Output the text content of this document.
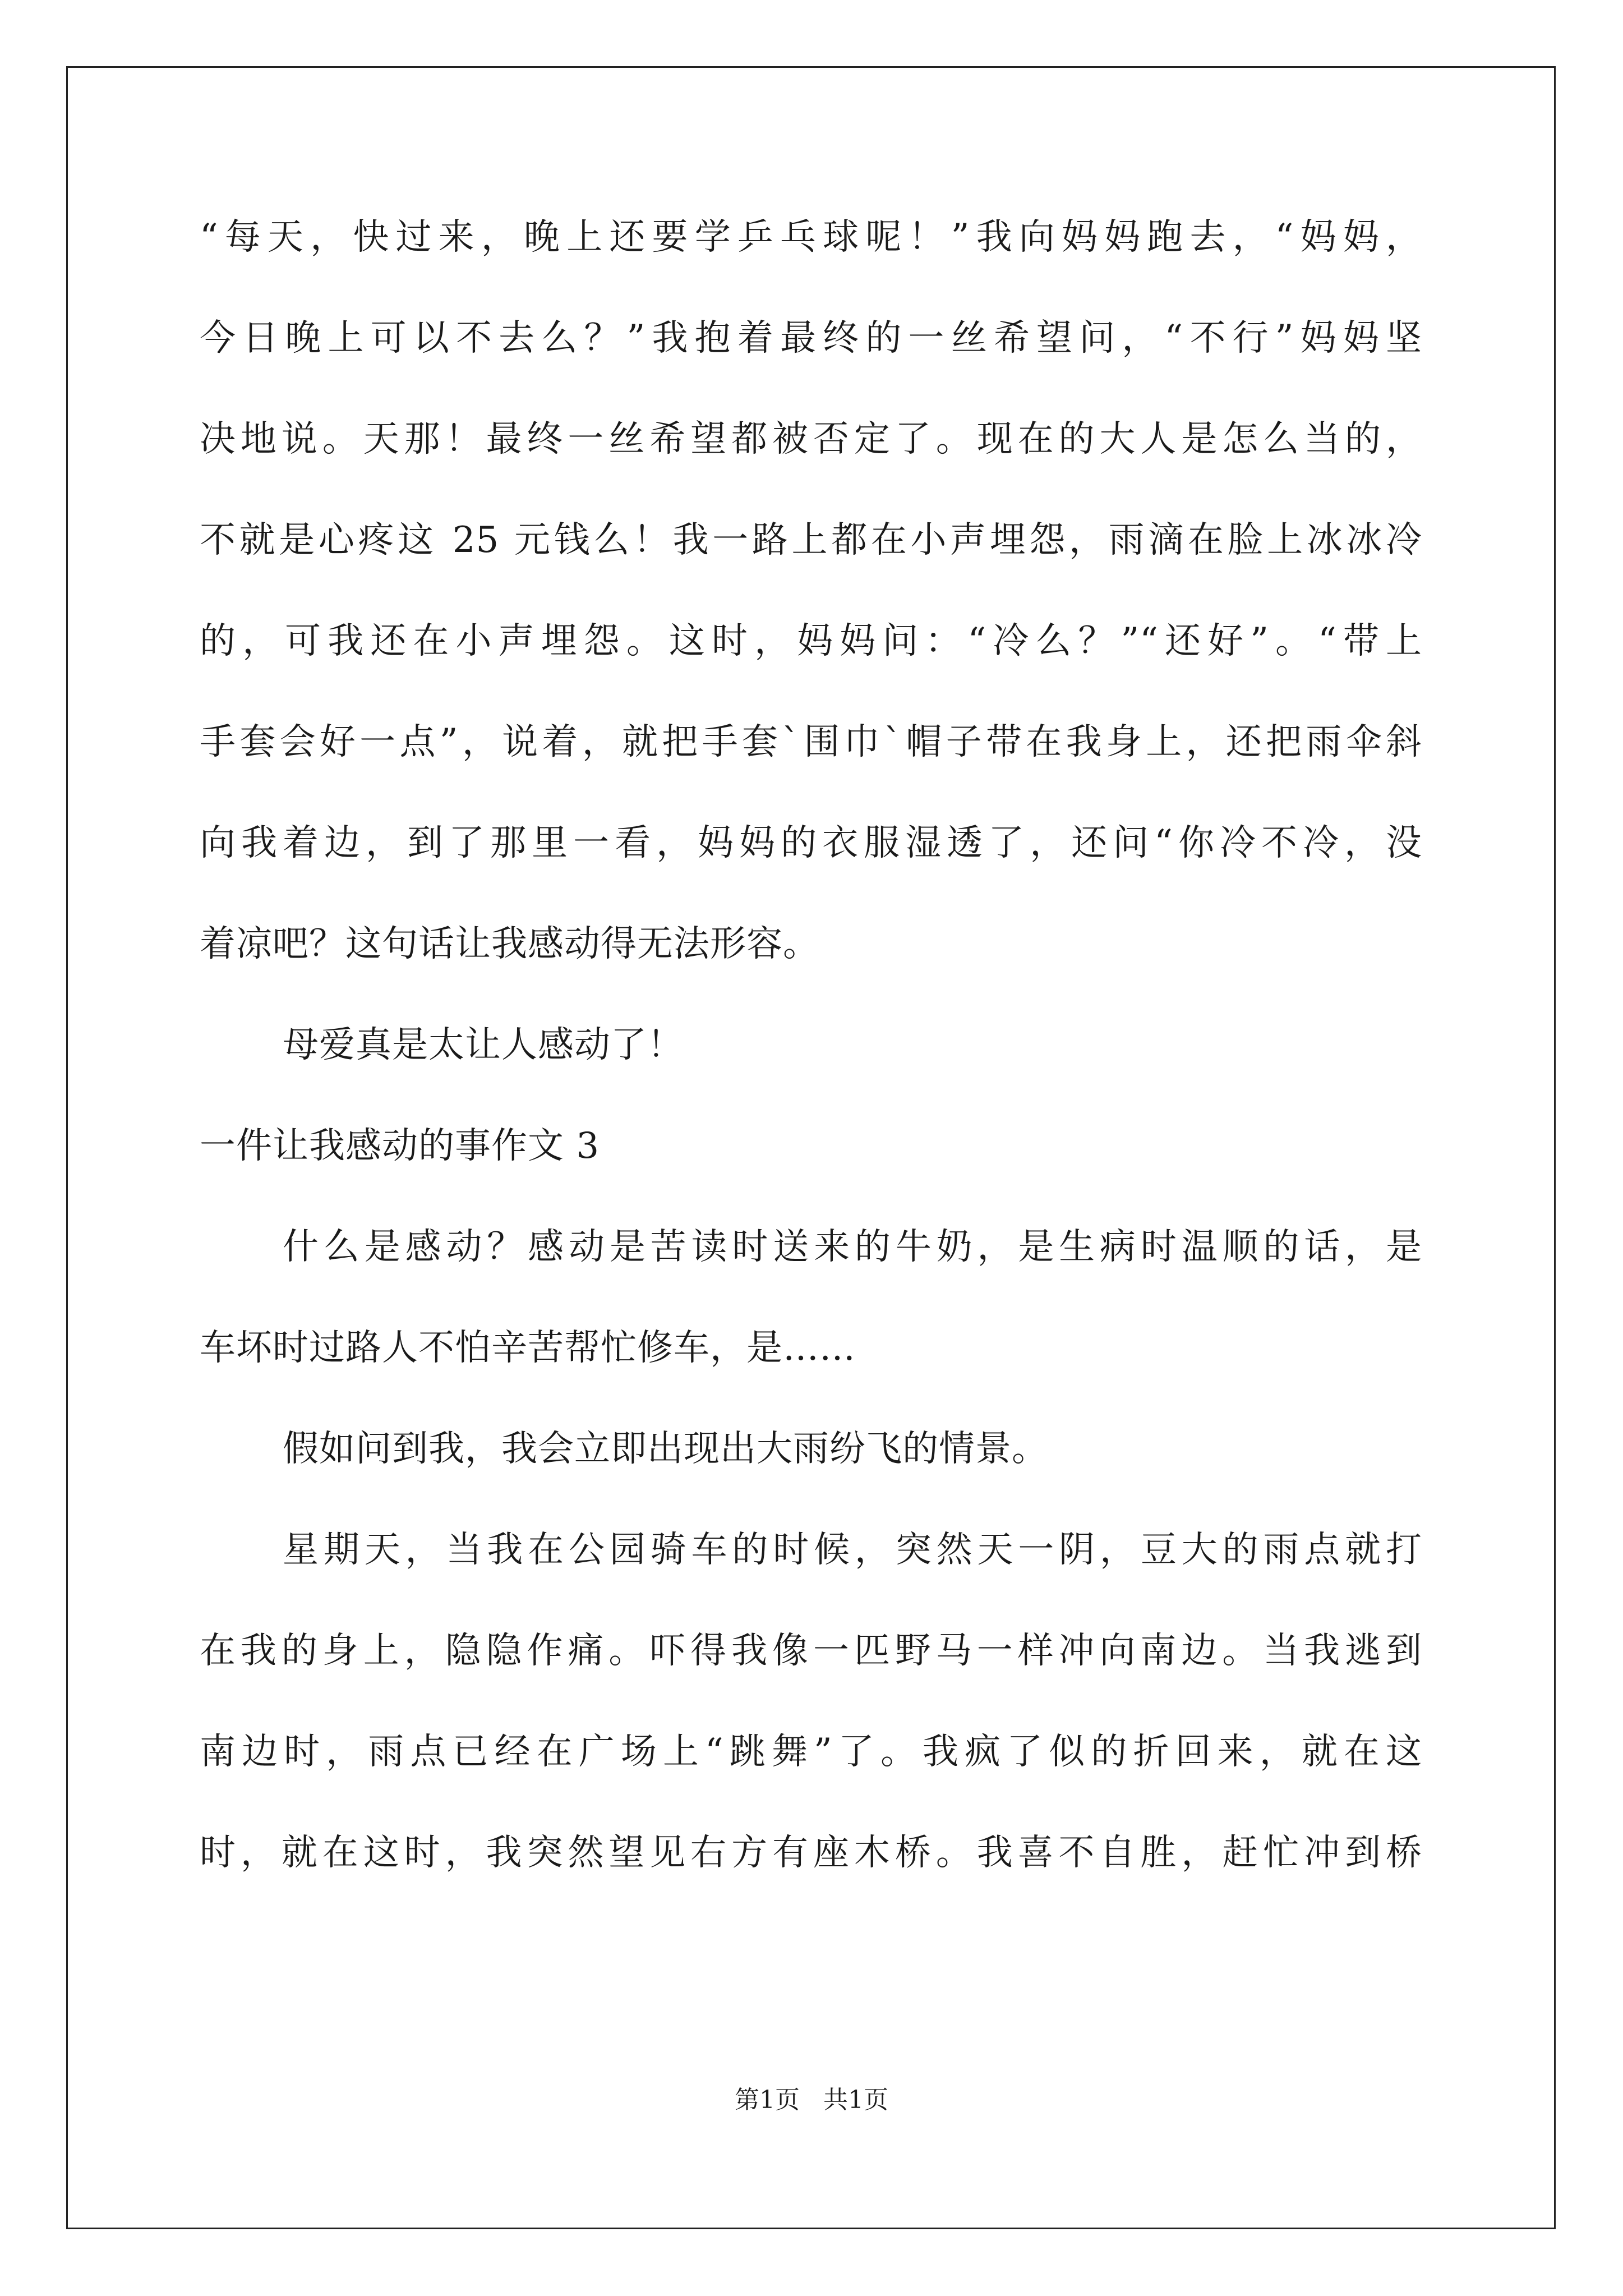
“每天，快过来，晚上还要学乒乓球呢！”我向妈妈跑去，“妈妈，
今日晚上可以不去么？”我抱着最终的一丝希望问，“不行”妈妈坚
决地说。天那！最终一丝希望都被否定了。现在的大人是怎么当的，
不就是心疼这 25 元钱么！我一路上都在小声埋怨，雨滴在脸上冰冰冷
的，可我还在小声埋怨。这时，妈妈问：“冷么？”“还好”。“带上
手套会好一点”，说着，就把手套`围巾`帽子带在我身上，还把雨伞斜
向我着边，到了那里一看，妈妈的衣服湿透了，还问“你冷不冷，没
着凉吧？这句话让我感动得无法形容。
母爱真是太让人感动了！
一件让我感动的事作文 3
什么是感动？感动是苦读时送来的牛奶，是生病时温顺的话，是
车坏时过路人不怕辛苦帮忙修车，是……
假如问到我，我会立即出现出大雨纷飞的情景。
星期天，当我在公园骑车的时候，突然天一阴，豆大的雨点就打
在我的身上，隐隐作痛。吓得我像一匹野马一样冲向南边。当我逃到
南边时，雨点已经在广场上“跳舞”了。我疯了似的折回来，就在这
时，就在这时，我突然望见右方有座木桥。我喜不自胜，赶忙冲到桥
第1页   共1页
